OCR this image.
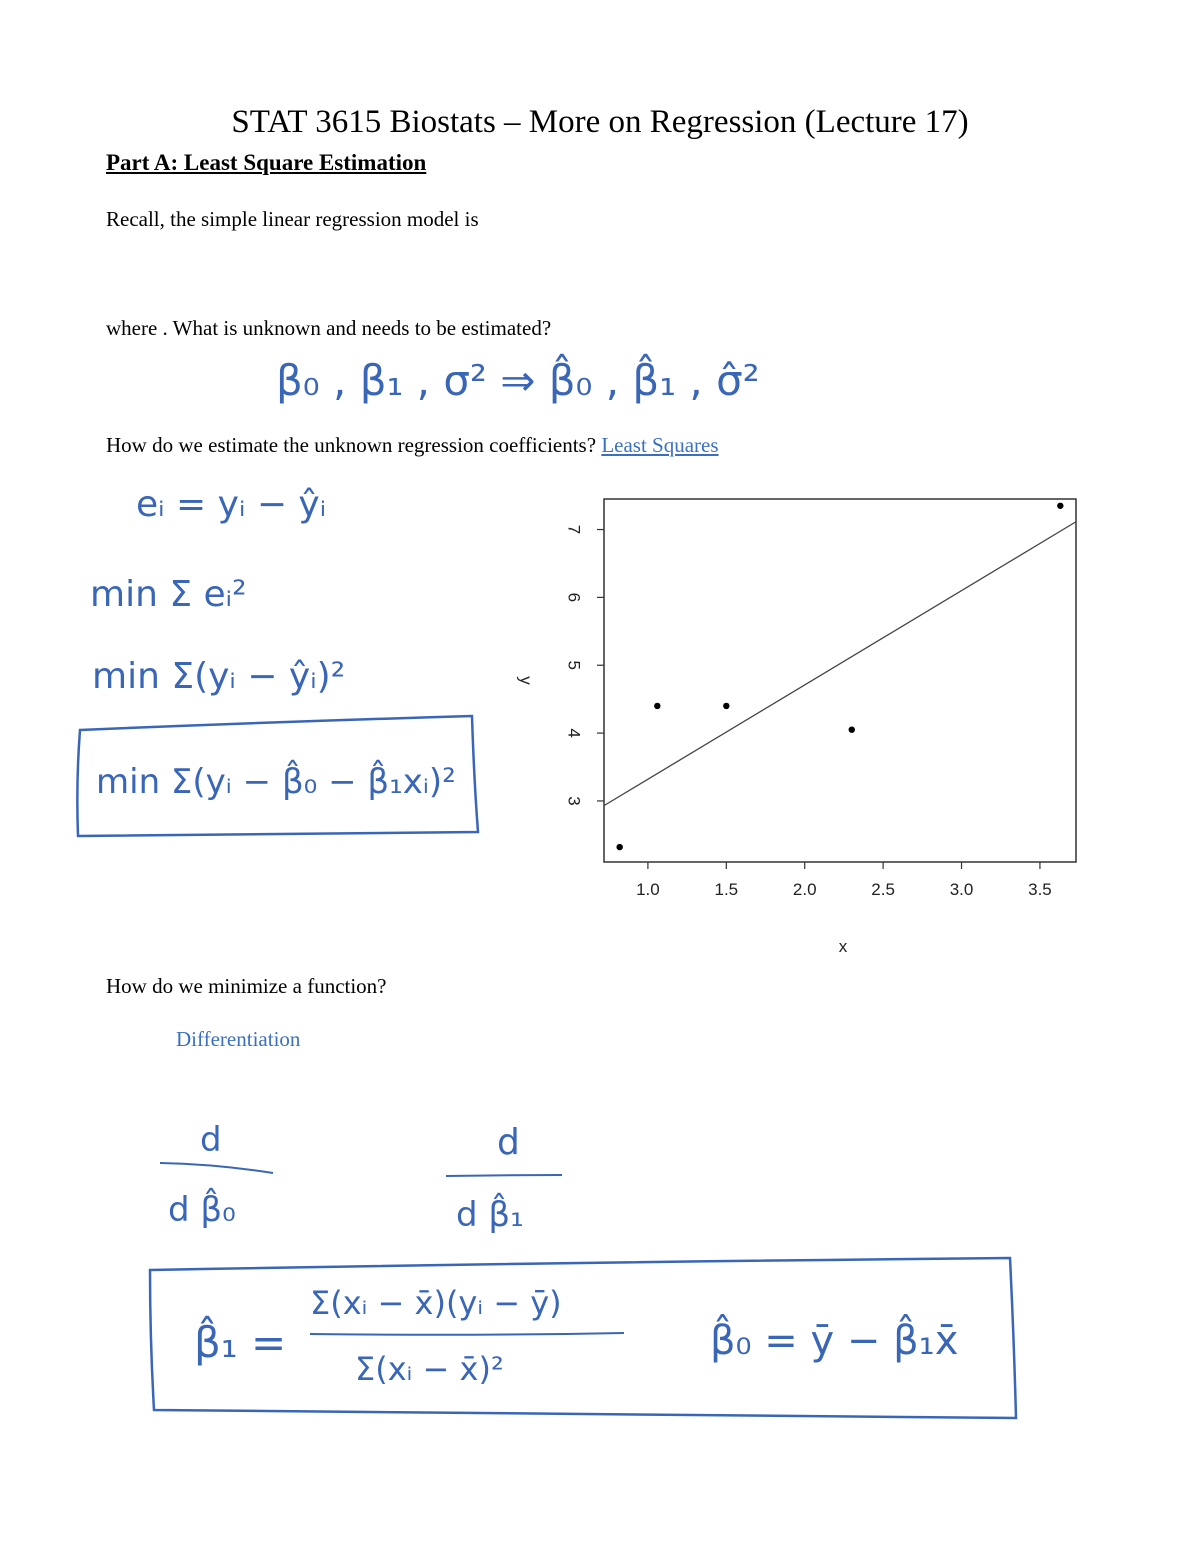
STAT 3615 Biostats – More on Regression (Lecture 17)
Part A: Least Square Estimation
Recall, the simple linear regression model is
where . What is unknown and needs to be estimated?
How do we estimate the unknown regression coefficients? Least Squares
How do we minimize a function?
Differentiation
β₀ , β₁ , σ² ⇒ β̂₀ , β̂₁ , σ̂²
eᵢ = yᵢ − ŷᵢ
min Σ eᵢ²
min Σ(yᵢ − ŷᵢ)²
min Σ(yᵢ − β̂₀ − β̂₁xᵢ)²
d
d β̂₀
d
d β̂₁
β̂₁ =
Σ(xᵢ − x̄)(yᵢ − ȳ)
Σ(xᵢ − x̄)²
β̂₀ = ȳ − β̂₁x̄
1.0	1.5	2.0	2.5	3.0	3.5
3
4
5
6
7
x
y
